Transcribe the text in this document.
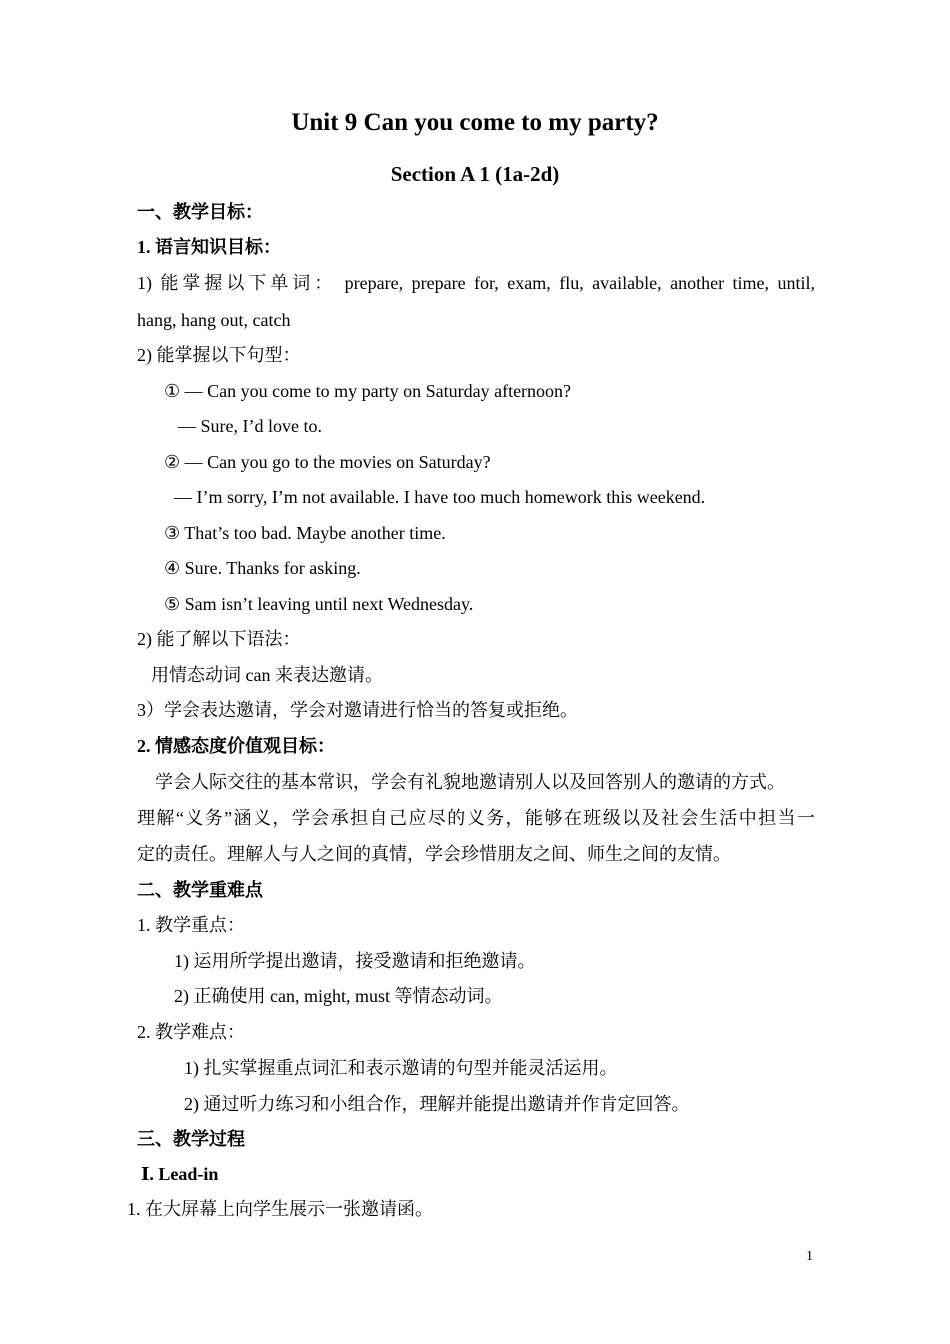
Unit 9 Can you come to my party?
Section A 1 (1a-2d)
一、教学目标：
1. 语言知识目标：
1) 能掌握以下单词： prepare, prepare for, exam, flu, available, another time, until,
hang, hang out, catch
2) 能掌握以下句型：
① — Can you come to my party on Saturday afternoon?
— Sure, I’d love to.
② — Can you go to the movies on Saturday?
— I’m sorry, I’m not available. I have too much homework this weekend.
③ That’s too bad. Maybe another time.
④ Sure. Thanks for asking.
⑤ Sam isn’t leaving until next Wednesday.
2) 能了解以下语法：
用情态动词 can 来表达邀请。
3）学会表达邀请，学会对邀请进行恰当的答复或拒绝。
2. 情感态度价值观目标：
学会人际交往的基本常识，学会有礼貌地邀请别人以及回答别人的邀请的方式。
理解“义务”涵义，学会承担自己应尽的义务，能够在班级以及社会生活中担当一
定的责任。理解人与人之间的真情，学会珍惜朋友之间、师生之间的友情。
二、教学重难点
1. 教学重点：
1) 运用所学提出邀请，接受邀请和拒绝邀请。
2) 正确使用 can, might, must 等情态动词。
2. 教学难点：
1) 扎实掌握重点词汇和表示邀请的句型并能灵活运用。
2) 通过听力练习和小组合作，理解并能提出邀请并作肯定回答。
三、教学过程
Ⅰ. Lead-in
1. 在大屏幕上向学生展示一张邀请函。
1
